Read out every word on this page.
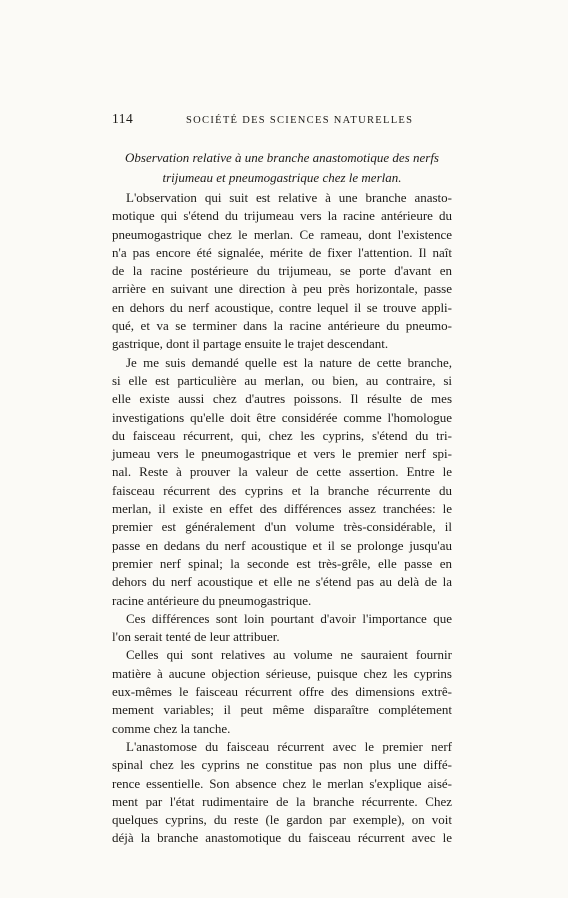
114	SOCIÉTÉ DES SCIENCES NATURELLES
Observation relative à une branche anastomotique des nerfs
trijumeau et pneumogastrique chez le merlan.
L'observation qui suit est relative à une branche anasto-
motique qui s'étend du trijumeau vers la racine antérieure du
pneumogastrique chez le merlan. Ce rameau, dont l'existence
n'a pas encore été signalée, mérite de fixer l'attention. Il naît
de la racine postérieure du trijumeau, se porte d'avant en
arrière en suivant une direction à peu près horizontale, passe
en dehors du nerf acoustique, contre lequel il se trouve appli-
qué, et va se terminer dans la racine antérieure du pneumo-
gastrique, dont il partage ensuite le trajet descendant.
Je me suis demandé quelle est la nature de cette branche,
si elle est particulière au merlan, ou bien, au contraire, si
elle existe aussi chez d'autres poissons. Il résulte de mes
investigations qu'elle doit être considérée comme l'homologue
du faisceau récurrent, qui, chez les cyprins, s'étend du tri-
jumeau vers le pneumogastrique et vers le premier nerf spi-
nal. Reste à prouver la valeur de cette assertion. Entre le
faisceau récurrent des cyprins et la branche récurrente du
merlan, il existe en effet des différences assez tranchées: le
premier est généralement d'un volume très-considérable, il
passe en dedans du nerf acoustique et il se prolonge jusqu'au
premier nerf spinal; la seconde est très-grêle, elle passe en
dehors du nerf acoustique et elle ne s'étend pas au delà de la
racine antérieure du pneumogastrique.
Ces différences sont loin pourtant d'avoir l'importance que
l'on serait tenté de leur attribuer.
Celles qui sont relatives au volume ne sauraient fournir
matière à aucune objection sérieuse, puisque chez les cyprins
eux-mêmes le faisceau récurrent offre des dimensions extrê-
mement variables; il peut même disparaître complétement
comme chez la tanche.
L'anastomose du faisceau récurrent avec le premier nerf
spinal chez les cyprins ne constitue pas non plus une diffé-
rence essentielle. Son absence chez le merlan s'explique aisé-
ment par l'état rudimentaire de la branche récurrente. Chez
quelques cyprins, du reste (le gardon par exemple), on voit
déjà la branche anastomotique du faisceau récurrent avec le
